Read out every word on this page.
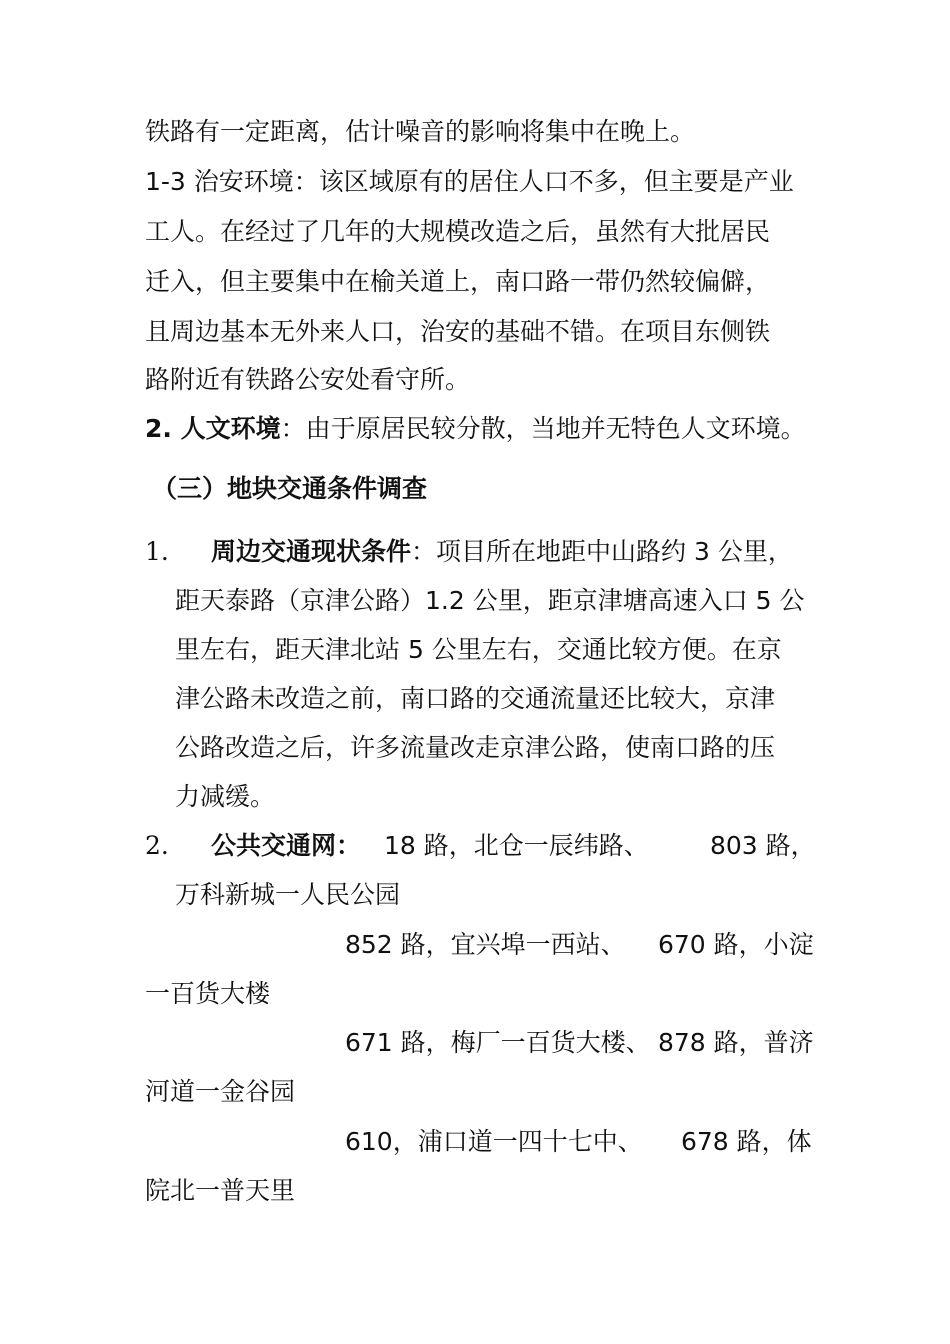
铁路有一定距离，估计噪音的影响将集中在晚上。
1-3 治安环境：该区域原有的居住人口不多，但主要是产业
工人。在经过了几年的大规模改造之后，虽然有大批居民
迁入，但主要集中在榆关道上，南口路一带仍然较偏僻，
且周边基本无外来人口，治安的基础不错。在项目东侧铁
路附近有铁路公安处看守所。
2. 人文环境：由于原居民较分散，当地并无特色人文环境。
（三）地块交通条件调查
1. 周边交通现状条件：项目所在地距中山路约 3 公里，
距天泰路（京津公路）1.2 公里，距京津塘高速入口 5 公
里左右，距天津北站 5 公里左右，交通比较方便。在京
津公路未改造之前，南口路的交通流量还比较大，京津
公路改造之后，许多流量改走京津公路，使南口路的压
力减缓。
2. 公共交通网： 18 路，北仓一辰纬路、 803 路，
万科新城一人民公园
852 路，宜兴埠一西站、 670 路，小淀
一百货大楼
671 路，梅厂一百货大楼、 878 路，普济
河道一金谷园
610，浦口道一四十七中、 678 路，体
院北一普天里
